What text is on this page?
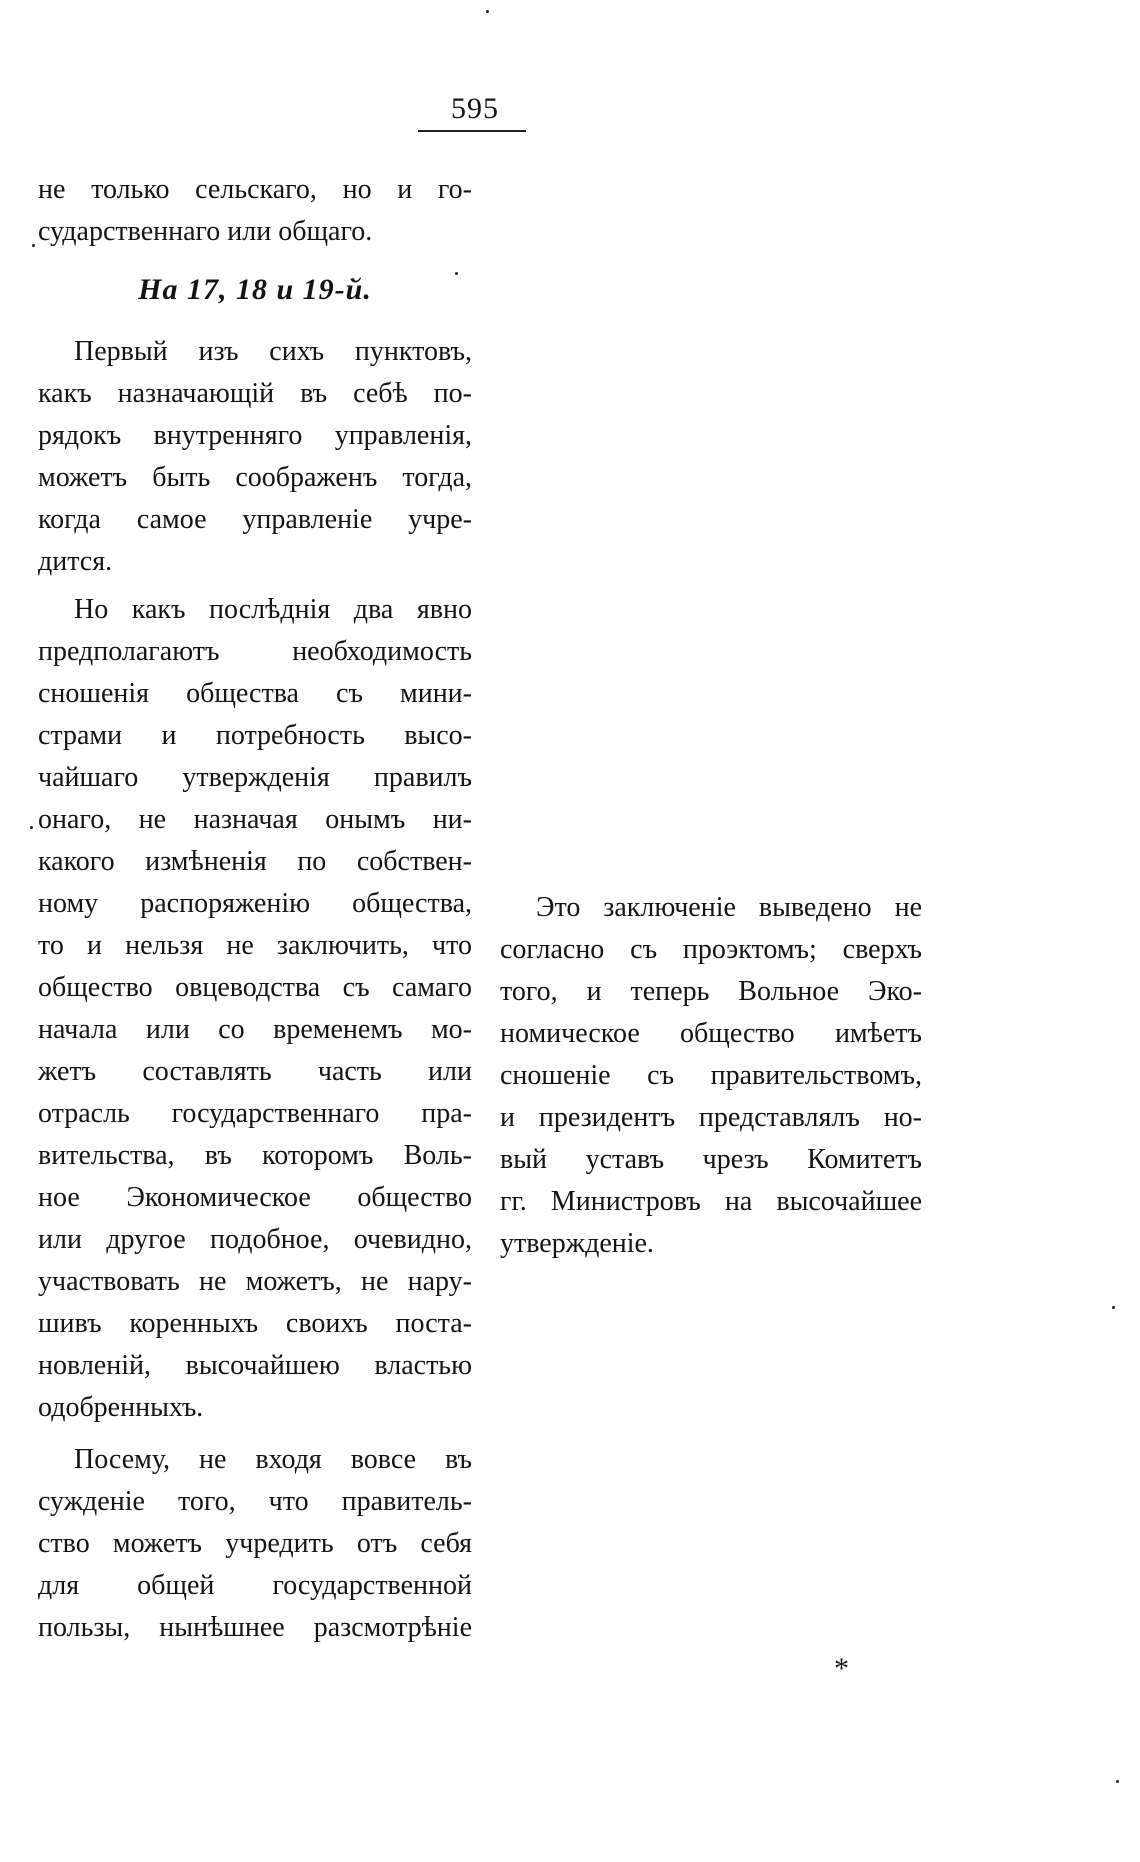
595
не только сельскаго, но и го-
сударственнаго или общаго.
На 17, 18 и 19-й.
Первый изъ сихъ пунктовъ,
какъ назначающій въ себѣ по-
рядокъ внутренняго управленія,
можетъ быть соображенъ тогда,
когда самое управленіе учре-
дится.
Но какъ послѣднія два явно
предполагаютъ необходимость
сношенія общества съ мини-
страми и потребность высо-
чайшаго утвержденія правилъ
онаго, не назначая онымъ ни-
какого измѣненія по собствен-
ному распоряженію общества,
то и нельзя не заключить, что
общество овцеводства съ самаго
начала или со временемъ мо-
жетъ составлять часть или
отрасль государственнаго пра-
вительства, въ которомъ Воль-
ное Экономическое общество
или другое подобное, очевидно,
участвовать не можетъ, не нару-
шивъ коренныхъ своихъ поста-
новленій, высочайшею властью
одобренныхъ.
Посему, не входя вовсе въ
сужденіе того, что правитель-
ство можетъ учредить отъ себя
для общей государственной
пользы, нынѣшнее разсмотрѣніе
Это заключеніе выведено не
согласно съ проэктомъ; сверхъ
того, и теперь Вольное Эко-
номическое общество имѣетъ
сношеніе съ правительствомъ,
и президентъ представлялъ но-
вый уставъ чрезъ Комитетъ
гг. Министровъ на высочайшее
утвержденіе.
*
